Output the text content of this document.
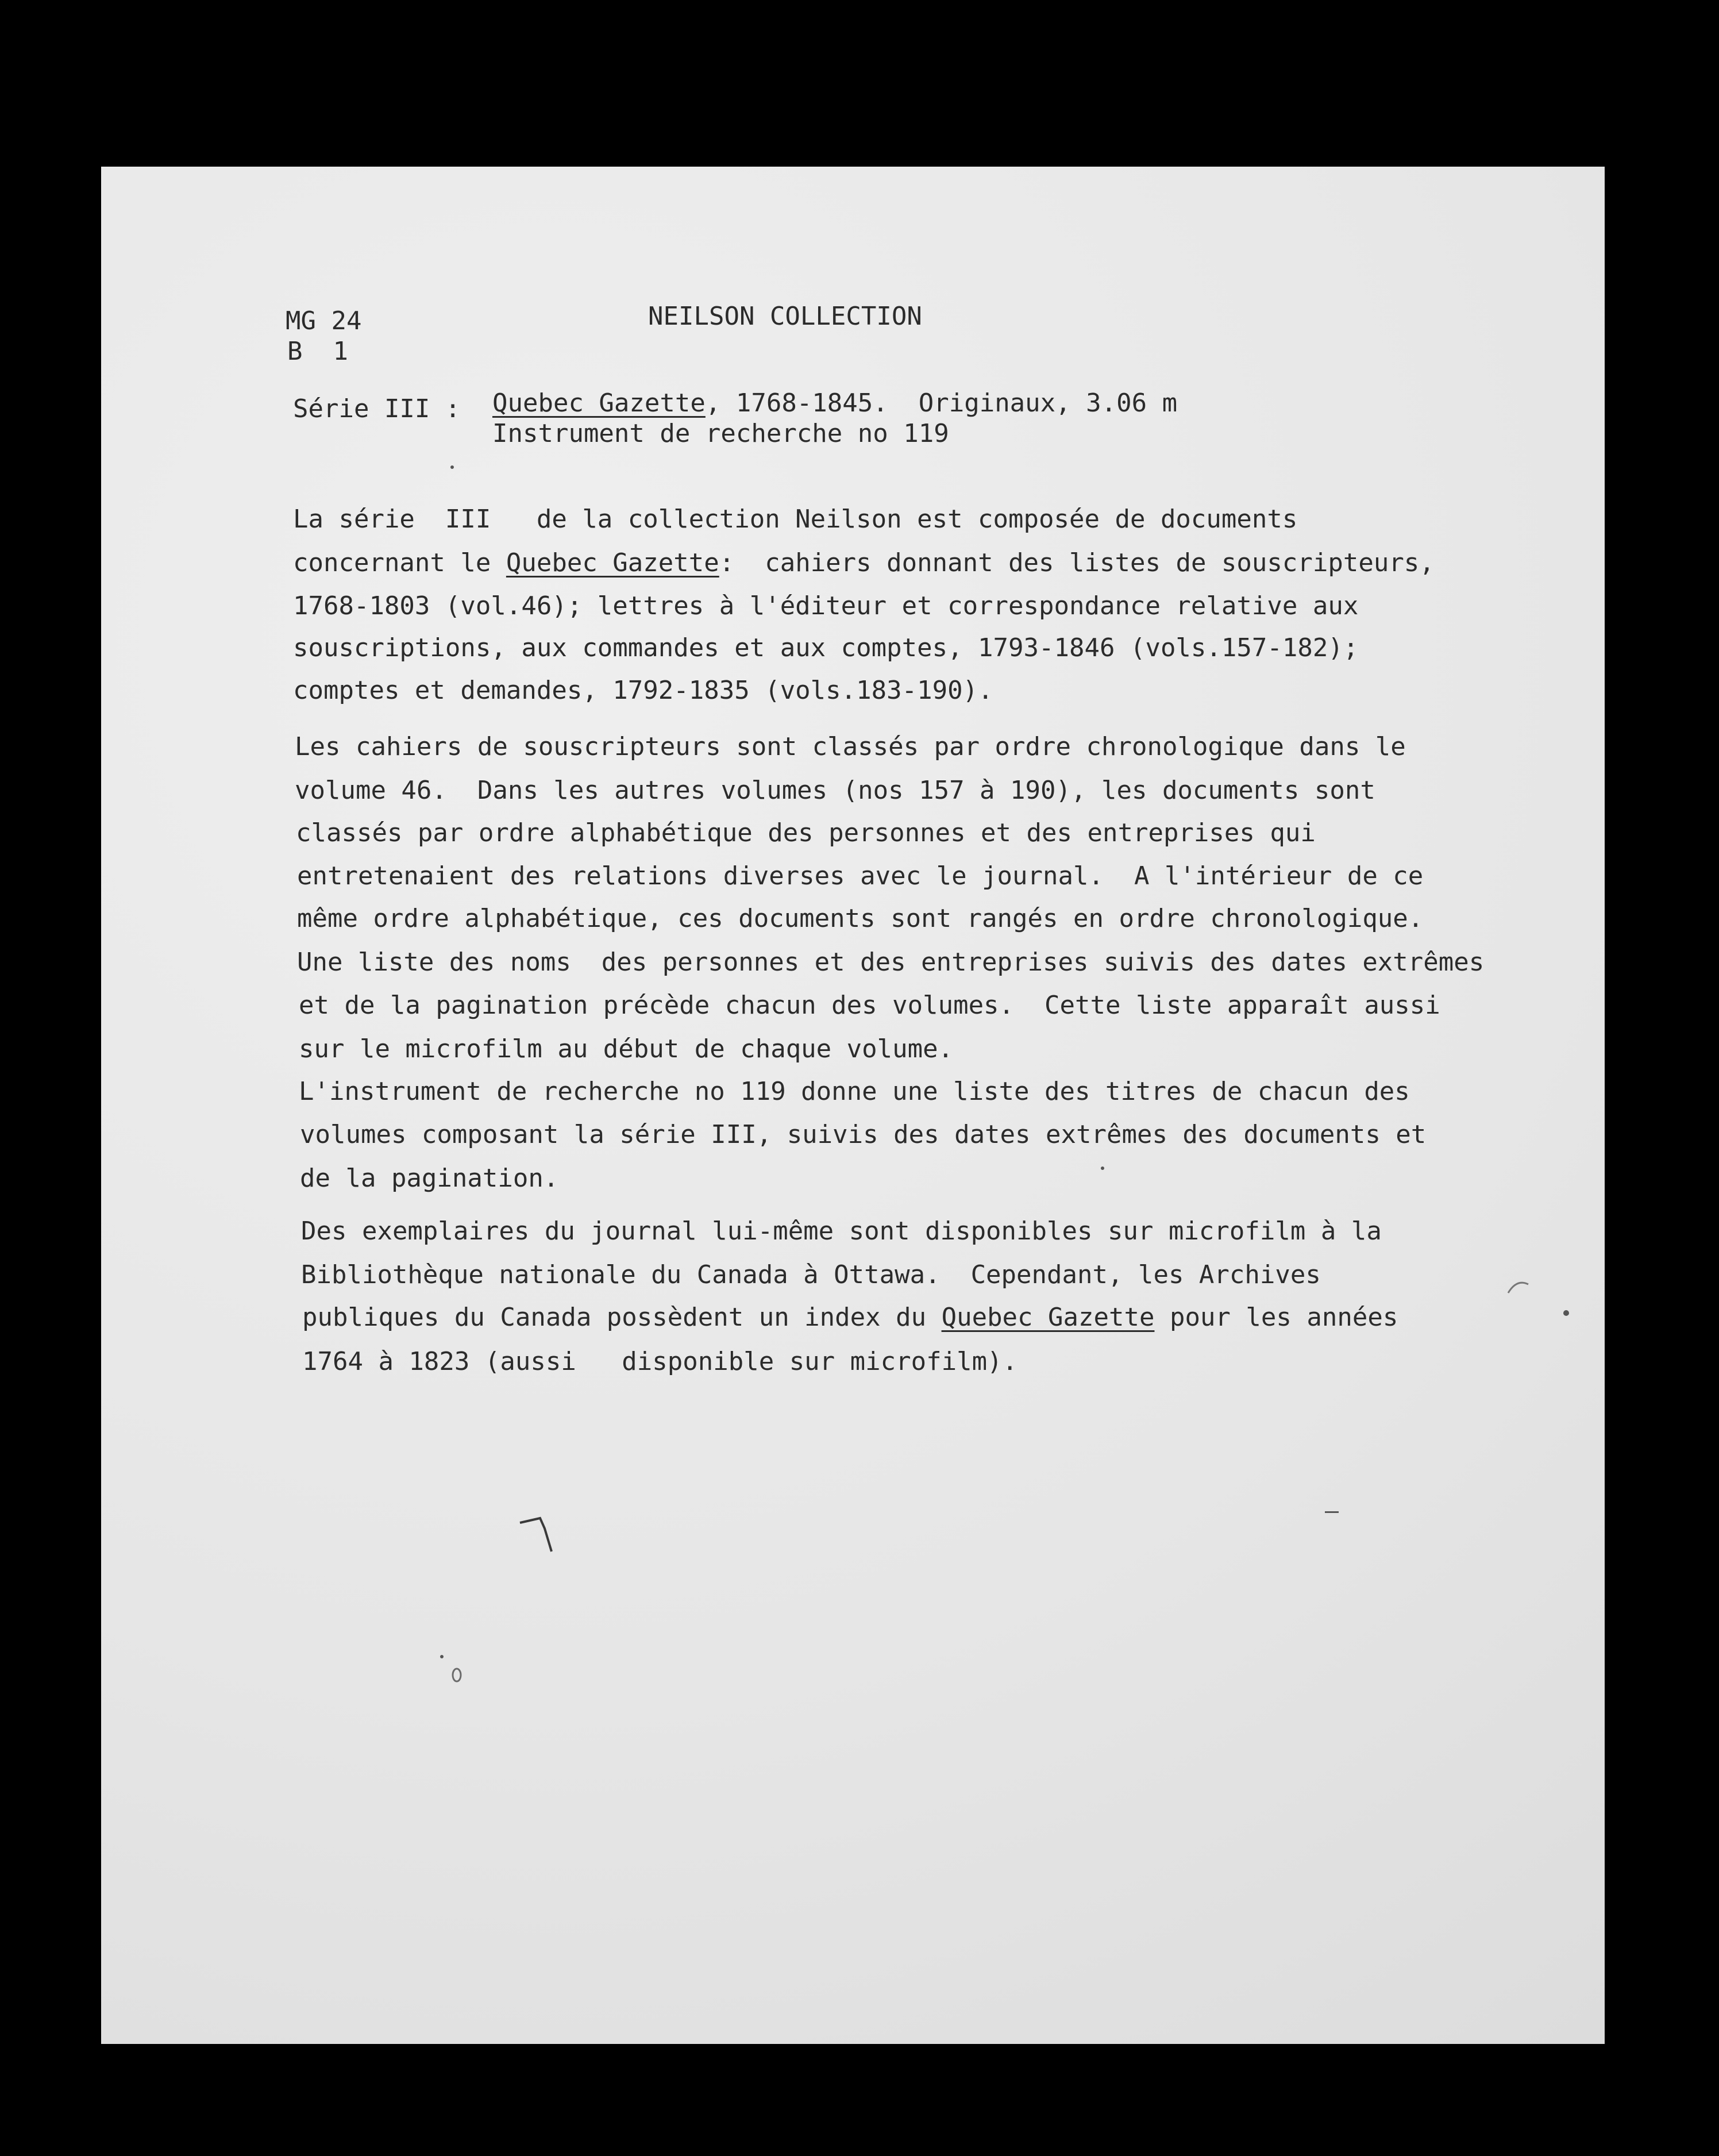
MG 24
B  1
NEILSON COLLECTION
Série III : Quebec Gazette, 1768-1845.  Originaux, 3.06 m
Instrument de recherche no 119
La série  III   de la collection Neilson est composée de documents
concernant le Quebec Gazette:  cahiers donnant des listes de souscripteurs,
1768-1803 (vol.46); lettres à l'éditeur et correspondance relative aux
souscriptions, aux commandes et aux comptes, 1793-1846 (vols.157-182);
comptes et demandes, 1792-1835 (vols.183-190).
Les cahiers de souscripteurs sont classés par ordre chronologique dans le
volume 46.  Dans les autres volumes (nos 157 à 190), les documents sont
classés par ordre alphabétique des personnes et des entreprises qui
entretenaient des relations diverses avec le journal.  A l'intérieur de ce
même ordre alphabétique, ces documents sont rangés en ordre chronologique.
Une liste des noms  des personnes et des entreprises suivis des dates extrêmes
et de la pagination précède chacun des volumes.  Cette liste apparaît aussi
sur le microfilm au début de chaque volume.
L'instrument de recherche no 119 donne une liste des titres de chacun des
volumes composant la série III, suivis des dates extrêmes des documents et
de la pagination.
Des exemplaires du journal lui-même sont disponibles sur microfilm à la
Bibliothèque nationale du Canada à Ottawa.  Cependant, les Archives
publiques du Canada possèdent un index du Quebec Gazette pour les années
1764 à 1823 (aussi   disponible sur microfilm).
